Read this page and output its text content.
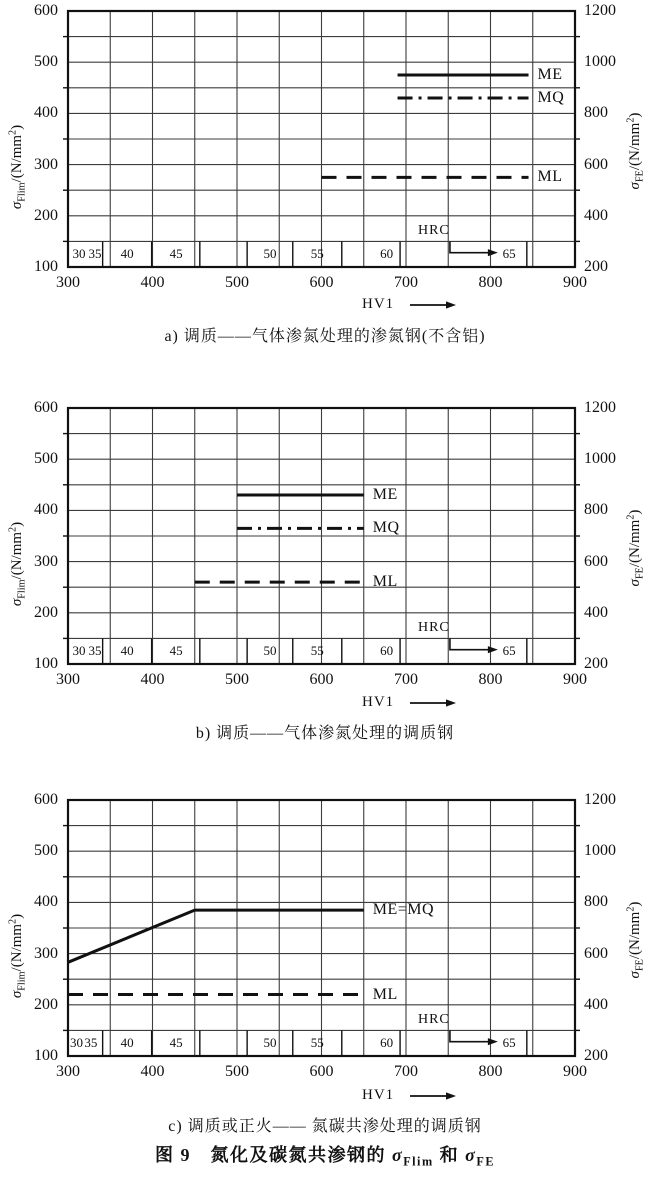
30 35	40	45	50	55	60	65
HRC
ME
MQ
ML
600
500
400
300
200
100
1200
1000
800
600
400
200
300	400	500	600	700	800	900
$\sigma_{Flim}/(N/mm^2)$
$\sigma_{FE}/(N/mm^2)$
30 35	40	45	50	55	60	65
HRC
ME
MQ
ML
600
500
400
300
200
100
1200
1000
800
600
400
200
300	400	500	600	700	800	900
$\sigma_{Flim}/(N/mm^2)$
$\sigma_{FE}/(N/mm^2)$
30 35	40	45	50	55	60	65
HRC
ME=MQ
ML
600
500
400
300
200
100
1200
1000
800
600
400
200
300	400	500	600	700	800	900
$\sigma_{Flim}/(N/mm^2)$
$\sigma_{FE}/(N/mm^2)$
HV1
HV1
HV1
a) 调质——气体渗氮处理的渗氮钢(不含铝)
b) 调质——气体渗氮处理的调质钢
c) 调质或正火—— 氮碳共渗处理的调质钢
图 9　氮化及碳氮共渗钢的 $\sigma_{Flim}$ 和 $\sigma_{FE}$
